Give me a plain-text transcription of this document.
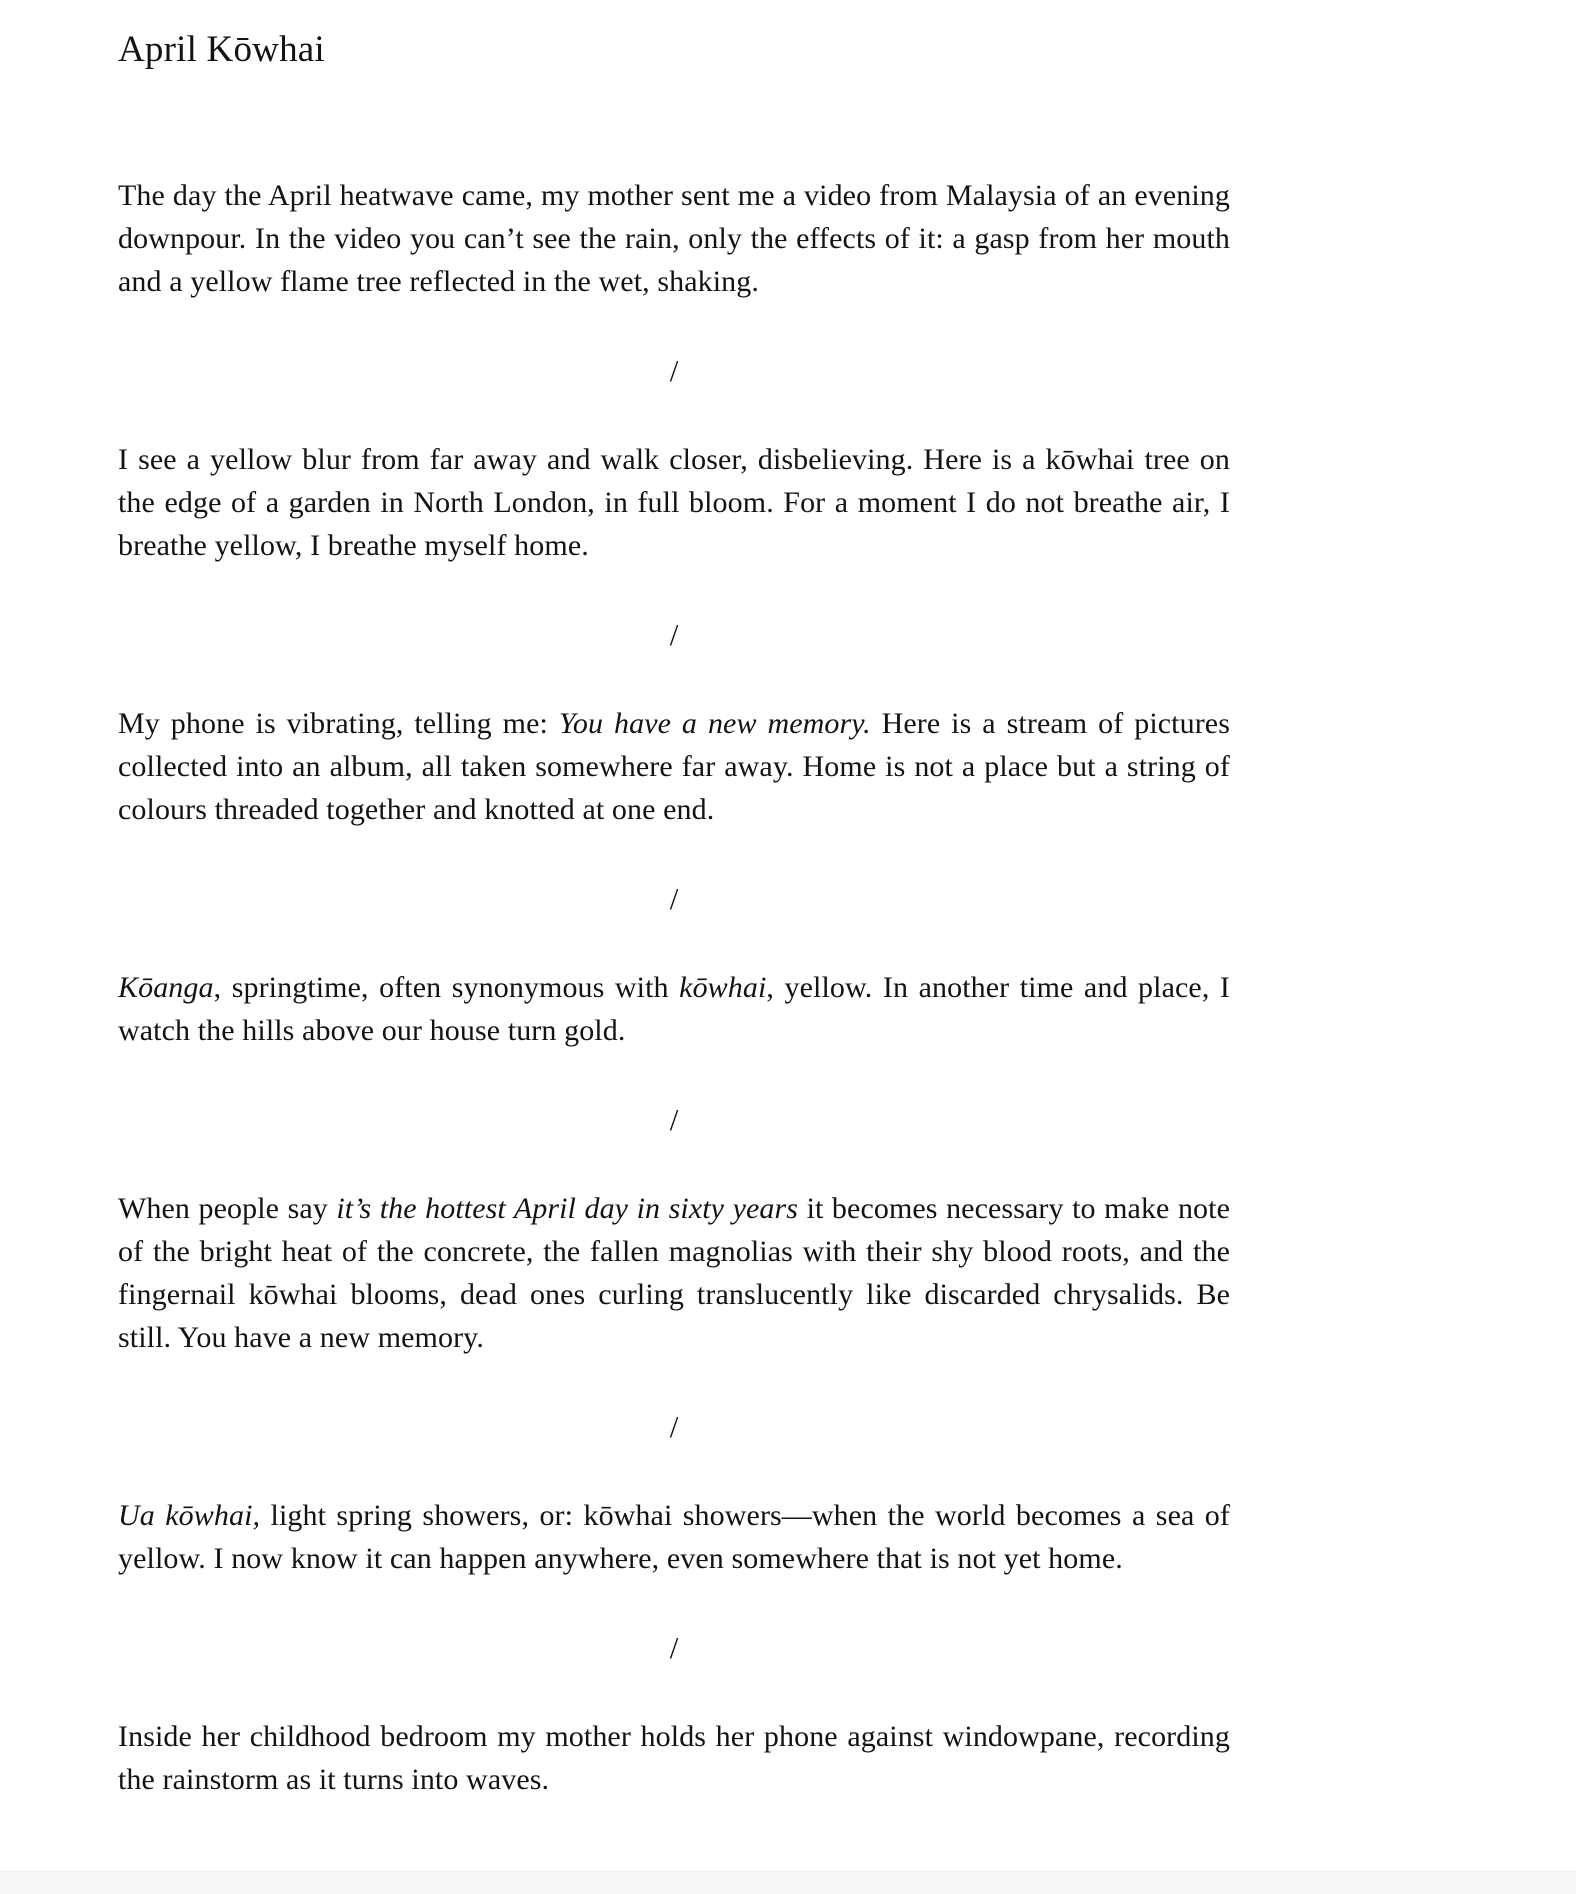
April Kōwhai

The day the April heatwave came, my mother sent me a video from Malaysia of an evening downpour. In the video you can’t see the rain, only the effects of it: a gasp from her mouth and a yellow flame tree reflected in the wet, shaking.

/

I see a yellow blur from far away and walk closer, disbelieving. Here is a kōwhai tree on the edge of a garden in North London, in full bloom. For a moment I do not breathe air, I breathe yellow, I breathe myself home.

/

My phone is vibrating, telling me: You have a new memory. Here is a stream of pictures collected into an album, all taken somewhere far away. Home is not a place but a string of colours threaded together and knotted at one end.

/

Kōanga, springtime, often synonymous with kōwhai, yellow. In another time and place, I watch the hills above our house turn gold.

/

When people say it’s the hottest April day in sixty years it becomes necessary to make note of the bright heat of the concrete, the fallen magnolias with their shy blood roots, and the fingernail kōwhai blooms, dead ones curling translucently like discarded chrysalids. Be still. You have a new memory.

/

Ua kōwhai, light spring showers, or: kōwhai showers—when the world becomes a sea of yellow. I now know it can happen anywhere, even somewhere that is not yet home.

/

Inside her childhood bedroom my mother holds her phone against windowpane, recording the rainstorm as it turns into waves.
